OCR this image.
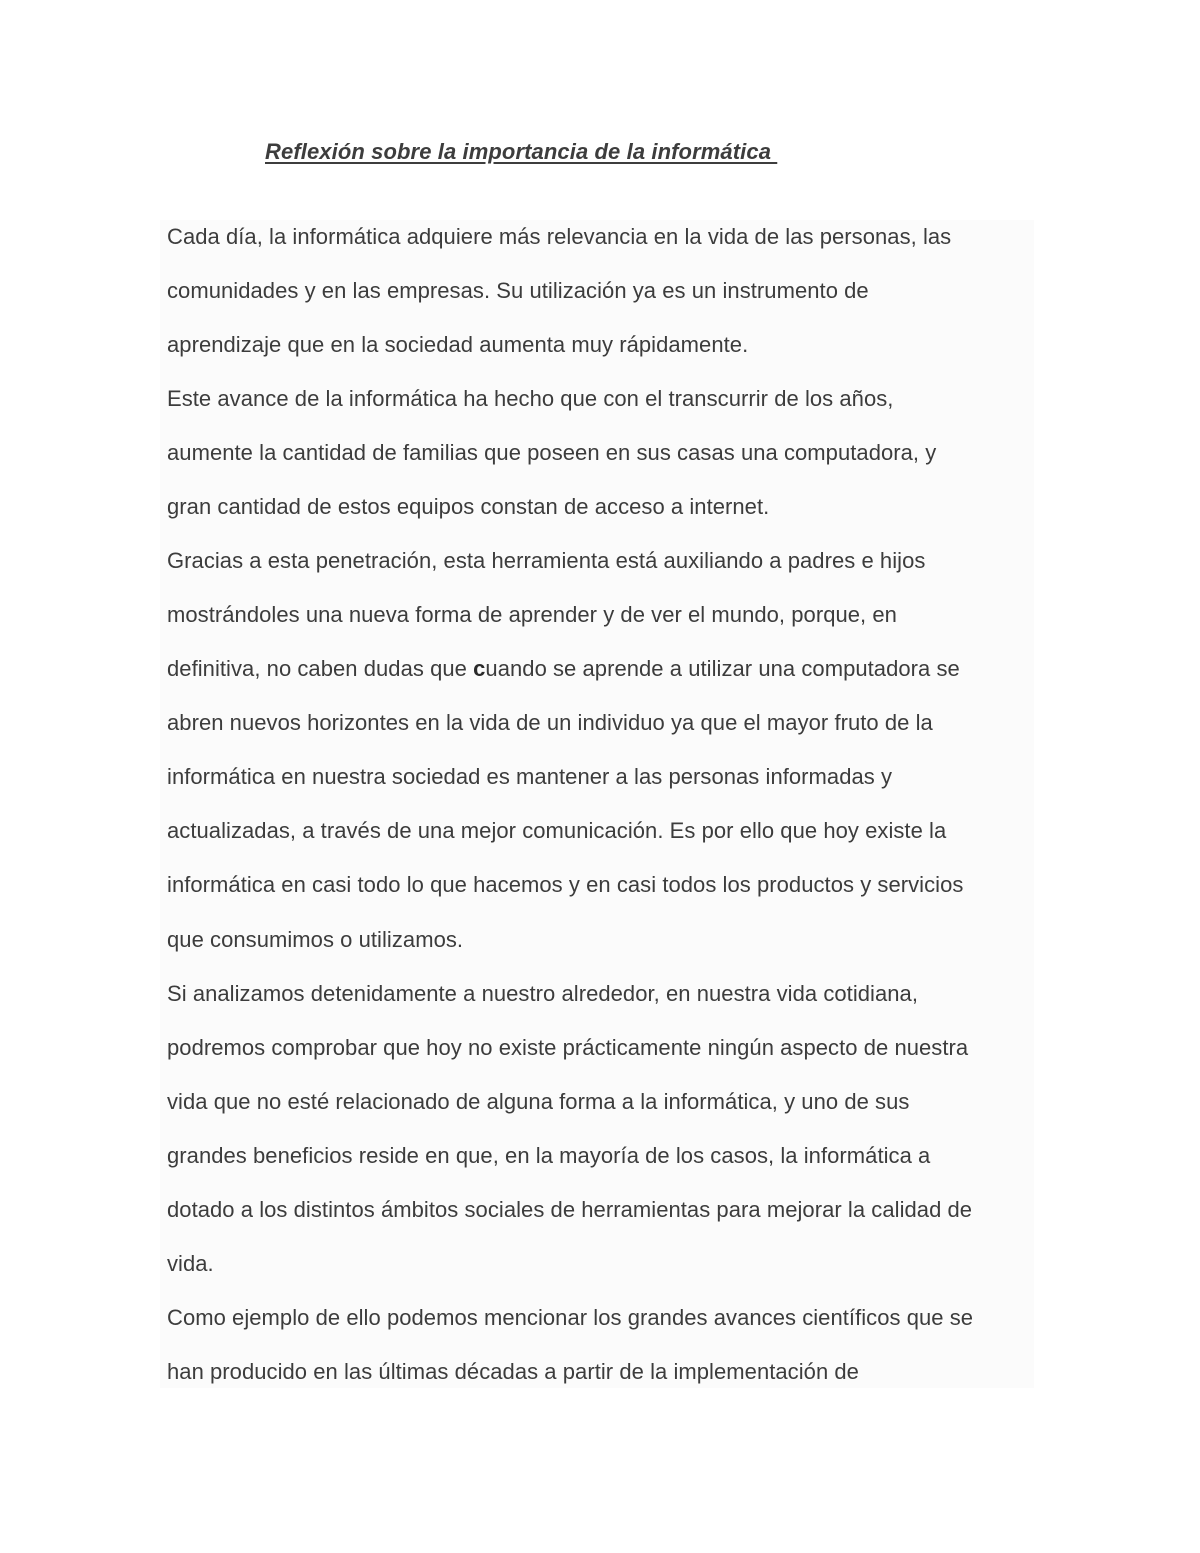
Reflexión sobre la importancia de la informática

Cada día, la informática adquiere más relevancia en la vida de las personas, las

comunidades y en las empresas. Su utilización ya es un instrumento de

aprendizaje que en la sociedad aumenta muy rápidamente.

Este avance de la informática ha hecho que con el transcurrir de los años,

aumente la cantidad de familias que poseen en sus casas una computadora, y

gran cantidad de estos equipos constan de acceso a internet.

Gracias a esta penetración, esta herramienta está auxiliando a padres e hijos

mostrándoles una nueva forma de aprender y de ver el mundo, porque, en

definitiva, no caben dudas que cuando se aprende a utilizar una computadora se

abren nuevos horizontes en la vida de un individuo ya que el mayor fruto de la

informática en nuestra sociedad es mantener a las personas informadas y

actualizadas, a través de una mejor comunicación. Es por ello que hoy existe la

informática en casi todo lo que hacemos y en casi todos los productos y servicios

que consumimos o utilizamos.

Si analizamos detenidamente a nuestro alrededor, en nuestra vida cotidiana,

podremos comprobar que hoy no existe prácticamente ningún aspecto de nuestra

vida que no esté relacionado de alguna forma a la informática, y uno de sus

grandes beneficios reside en que, en la mayoría de los casos, la informática a

dotado a los distintos ámbitos sociales de herramientas para mejorar la calidad de

vida.

Como ejemplo de ello podemos mencionar los grandes avances científicos que se

han producido en las últimas décadas a partir de la implementación de
